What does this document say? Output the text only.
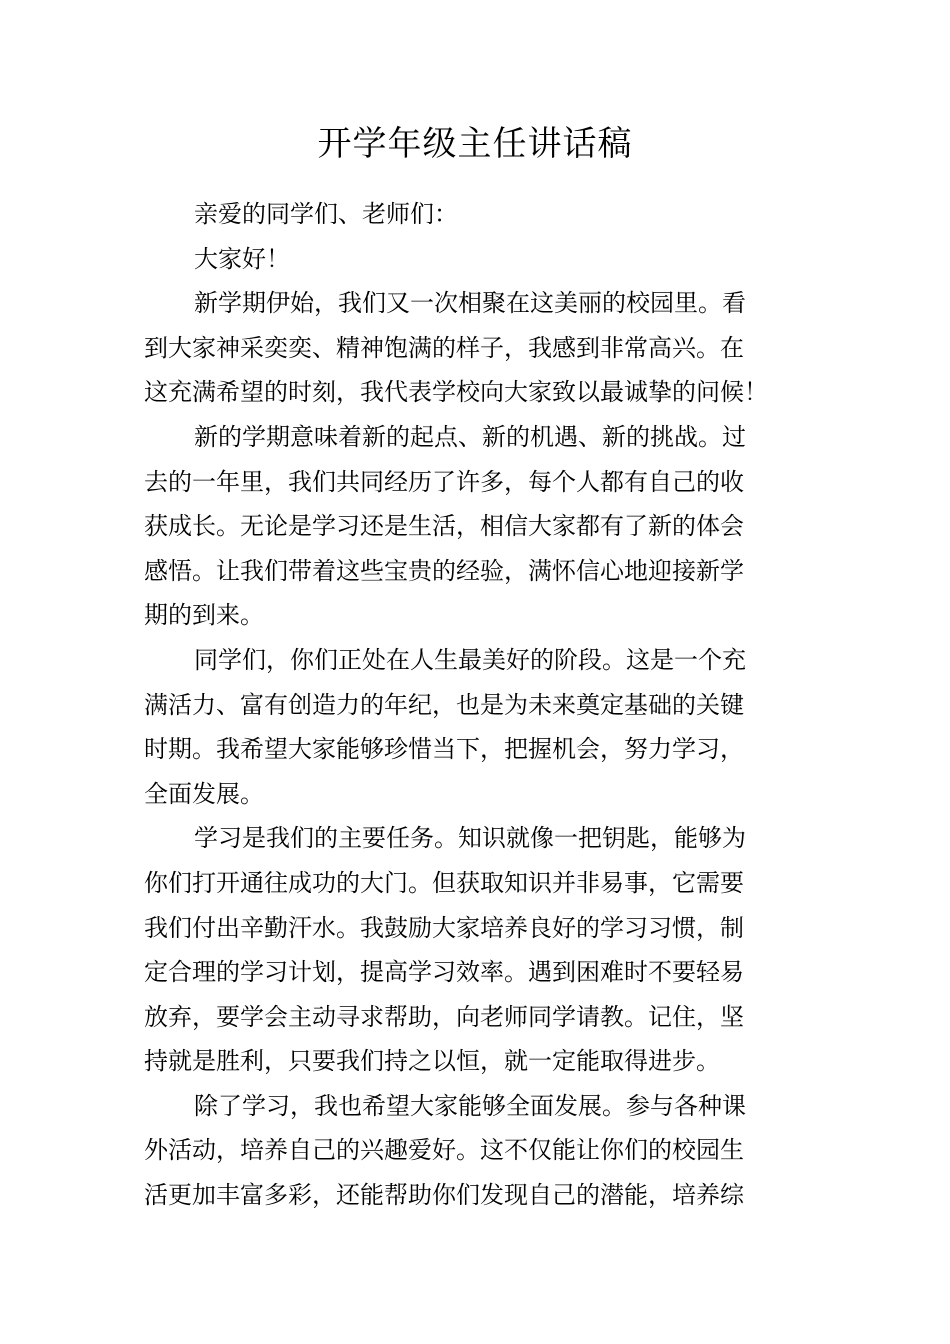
开学年级主任讲话稿
亲爱的同学们、老师们：
大家好！
新学期伊始，我们又一次相聚在这美丽的校园里。看
到大家神采奕奕、精神饱满的样子，我感到非常高兴。在
这充满希望的时刻，我代表学校向大家致以最诚挚的问候！
新的学期意味着新的起点、新的机遇、新的挑战。过
去的一年里，我们共同经历了许多，每个人都有自己的收
获成长。无论是学习还是生活，相信大家都有了新的体会
感悟。让我们带着这些宝贵的经验，满怀信心地迎接新学
期的到来。
同学们，你们正处在人生最美好的阶段。这是一个充
满活力、富有创造力的年纪，也是为未来奠定基础的关键
时期。我希望大家能够珍惜当下，把握机会，努力学习，
全面发展。
学习是我们的主要任务。知识就像一把钥匙，能够为
你们打开通往成功的大门。但获取知识并非易事，它需要
我们付出辛勤汗水。我鼓励大家培养良好的学习习惯，制
定合理的学习计划，提高学习效率。遇到困难时不要轻易
放弃，要学会主动寻求帮助，向老师同学请教。记住，坚
持就是胜利，只要我们持之以恒，就一定能取得进步。
除了学习，我也希望大家能够全面发展。参与各种课
外活动，培养自己的兴趣爱好。这不仅能让你们的校园生
活更加丰富多彩，还能帮助你们发现自己的潜能，培养综
